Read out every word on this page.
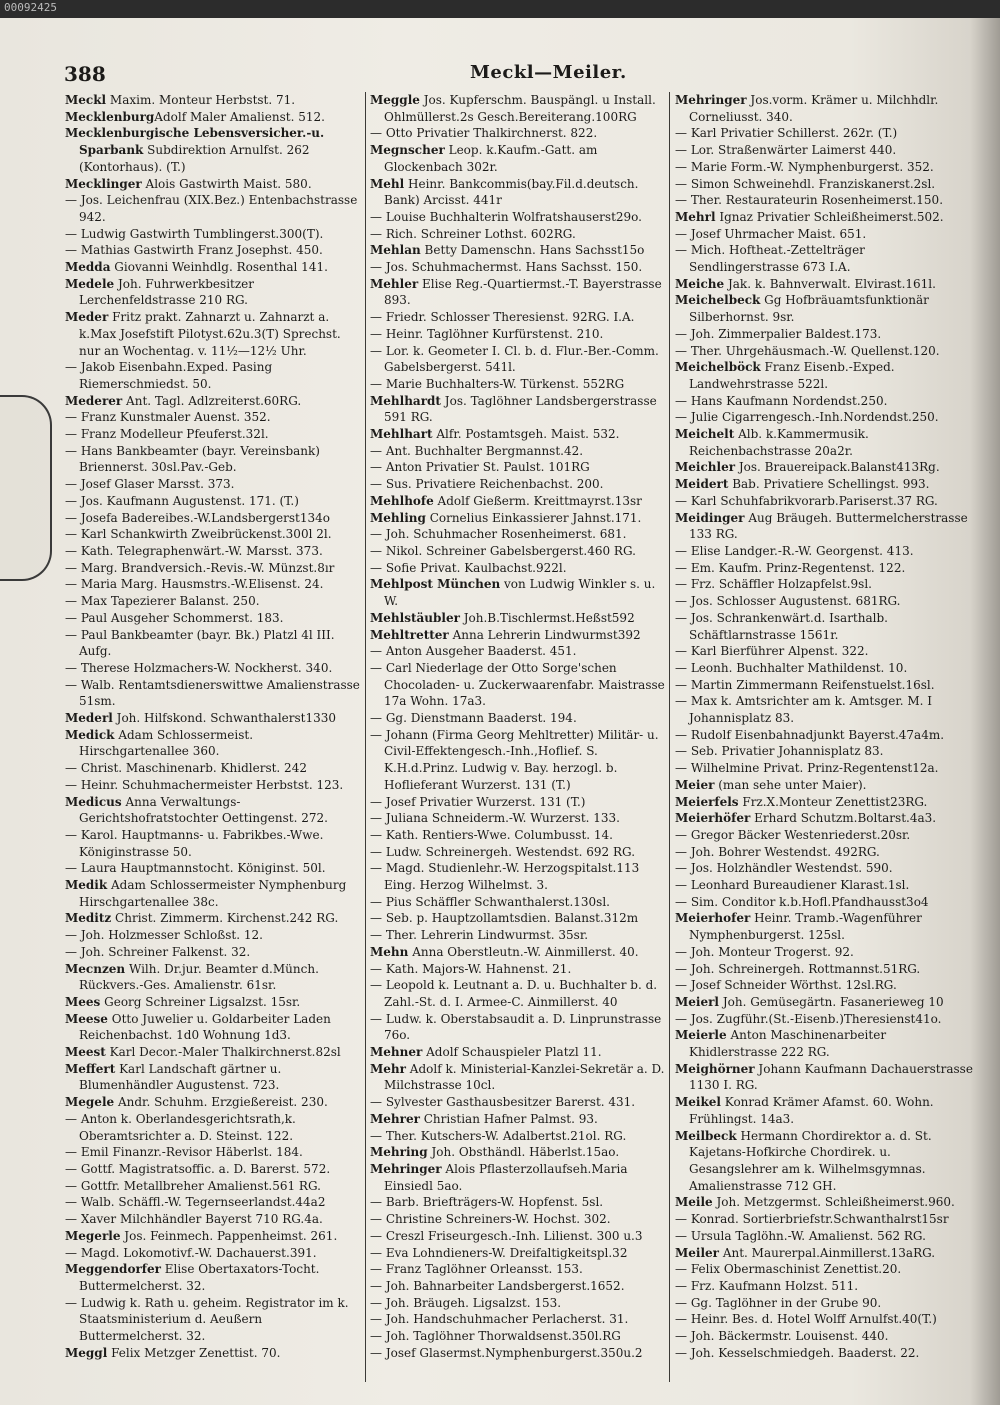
00092425
388	Meckl—Meiler.

Meckl Maxim. Monteur Herbstst. 71.

MecklenburgAdolf Maler Amalienst. 512.

Mecklenburgische Lebensversicher.-u. Sparbank Subdirektion Arnulfst. 262 (Kontorhaus). (T.)

Mecklinger Alois Gastwirth Maist. 580.

— Jos. Leichenfrau (XIX.Bez.) Entenbachstrasse 942.

— Ludwig Gastwirth Tumblingerst.300(T).

— Mathias Gastwirth Franz Josephst. 450.

Medda Giovanni Weinhdlg. Rosenthal 141.

Medele Joh. Fuhrwerkbesitzer Lerchenfeldstrasse 210 RG.

Meder Fritz prakt. Zahnarzt u. Zahnarzt a. k.Max Josefstift Pilotyst.62u.3(T) Sprechst. nur an Wochentag. v. 11½—12½ Uhr.

— Jakob Eisenbahn.Exped. Pasing Riemerschmiedst. 50.

Mederer Ant. Tagl. Adlzreiterst.60RG.

— Franz Kunstmaler Auenst. 352.

— Franz Modelleur Pfeuferst.32l.

— Hans Bankbeamter (bayr. Vereinsbank) Briennerst. 30sl.Pav.-Geb.

— Josef Glaser Marsst. 373.

— Jos. Kaufmann Augustenst. 171. (T.)

— Josefa Badereibes.-W.Landsbergerst134o

— Karl Schankwirth Zweibrückenst.300l 2l.

— Kath. Telegraphenwärt.-W. Marsst. 373.

— Marg. Brandversich.-Revis.-W. Münzst.8ır

— Maria Marg. Hausmstrs.-W.Elisenst. 24.

— Max Tapezierer Balanst. 250.

— Paul Ausgeher Schommerst. 183.

— Paul Bankbeamter (bayr. Bk.) Platzl 4l III. Aufg.

— Therese Holzmachers-W. Nockherst. 340.

— Walb. Rentamtsdienerswittwe Amalienstrasse 51sm.

Mederl Joh. Hilfskond. Schwanthalerst1330

Medick Adam Schlossermeist. Hirschgartenallee 360.

— Christ. Maschinenarb. Khidlerst. 242

— Heinr. Schuhmachermeister Herbstst. 123.

Medicus Anna Verwaltungs-Gerichtshofratstochter Oettingenst. 272.

— Karol. Hauptmanns- u. Fabrikbes.-Wwe. Königinstrasse 50.

— Laura Hauptmannstocht. Königinst. 50l.

Medik Adam Schlossermeister Nymphenburg Hirschgartenallee 38c.

Meditz Christ. Zimmerm. Kirchenst.242 RG.

— Joh. Holzmesser Schloßst. 12.

— Joh. Schreiner Falkenst. 32.

Mecnzen Wilh. Dr.jur. Beamter d.Münch. Rückvers.-Ges. Amalienstr. 61sr.

Mees Georg Schreiner Ligsalzst. 15sr.

Meese Otto Juwelier u. Goldarbeiter Laden Reichenbachst. 1d0 Wohnung 1d3.

Meest Karl Decor.-Maler Thalkirchnerst.82sl

Meffert Karl Landschaft gärtner u. Blumenhändler Augustenst. 723.

Megele Andr. Schuhm. Erzgießereist. 230.

— Anton k. Oberlandesgerichtsrath,k. Oberamtsrichter a. D. Steinst. 122.

— Emil Finanzr.-Revisor Häberlst. 184.

— Gottf. Magistratsoffic. a. D. Barerst. 572.

— Gottfr. Metallbreher Amalienst.561 RG.

— Walb. Schäffl.-W. Tegernseerlandst.44a2

— Xaver Milchhändler Bayerst 710 RG.4a.

Megerle Jos. Feinmech. Pappenheimst. 261.

— Magd. Lokomotivf.-W. Dachauerst.391.

Meggendorfer Elise Obertaxators-Tocht. Buttermelcherst. 32.

— Ludwig k. Rath u. geheim. Registrator im k. Staatsministerium d. Aeußern Buttermelcherst. 32.

Meggl Felix Metzger Zenettist. 70.

Meggle Jos. Kupferschm. Bauspängl. u Install. Ohlmüllerst.2s Gesch.Bereiterang.100RG

— Otto Privatier Thalkirchnerst. 822.

Megnscher Leop. k.Kaufm.-Gatt. am Glockenbach 302r.

Mehl Heinr. Bankcommis(bay.Fil.d.deutsch. Bank) Arcisst. 441r

— Louise Buchhalterin Wolfratshauserst29o.

— Rich. Schreiner Lothst. 602RG.

Mehlan Betty Damenschn. Hans Sachsst15o

— Jos. Schuhmachermst. Hans Sachsst. 150.

Mehler Elise Reg.-Quartiermst.-T. Bayerstrasse 893.

— Friedr. Schlosser Theresienst. 92RG. I.A.

— Heinr. Taglöhner Kurfürstenst. 210.

— Lor. k. Geometer I. Cl. b. d. Flur.-Ber.-Comm. Gabelsbergerst. 541l.

— Marie Buchhalters-W. Türkenst. 552RG

Mehlhardt Jos. Taglöhner Landsbergerstrasse 591 RG.

Mehlhart Alfr. Postamtsgeh. Maist. 532.

— Ant. Buchhalter Bergmannst.42.

— Anton Privatier St. Paulst. 101RG

— Sus. Privatiere Reichenbachst. 200.

Mehlhofe Adolf Gießerm. Kreittmayrst.13sr

Mehling Cornelius Einkassierer Jahnst.171.

— Joh. Schuhmacher Rosenheimerst. 681.

— Nikol. Schreiner Gabelsbergerst.460 RG.

— Sofie Privat. Kaulbachst.922l.

Mehlpost München von Ludwig Winkler s. u. W.

Mehlstäubler Joh.B.Tischlermst.Heßst592

Mehltretter Anna Lehrerin Lindwurmst392

— Anton Ausgeher Baaderst. 451.

— Carl Niederlage der Otto Sorge'schen Chocoladen- u. Zuckerwaarenfabr. Maistrasse 17a Wohn. 17a3.

— Gg. Dienstmann Baaderst. 194.

— Johann (Firma Georg Mehltretter) Militär- u. Civil-Effektengesch.-Inh.,Hoflief. S. K.H.d.Prinz. Ludwig v. Bay. herzogl. b. Hoflieferant Wurzerst. 131 (T.)

— Josef Privatier Wurzerst. 131 (T.)

— Juliana Schneiderm.-W. Wurzerst. 133.

— Kath. Rentiers-Wwe. Columbusst. 14.

— Ludw. Schreinergeh. Westendst. 692 RG.

— Magd. Studienlehr.-W. Herzogspitalst.113 Eing. Herzog Wilhelmst. 3.

— Pius Schäffler Schwanthalerst.130sl.

— Seb. p. Hauptzollamtsdien. Balanst.312m

— Ther. Lehrerin Lindwurmst. 35sr.

Mehn Anna Oberstleutn.-W. Ainmillerst. 40.

— Kath. Majors-W. Hahnenst. 21.

— Leopold k. Leutnant a. D. u. Buchhalter b. d. Zahl.-St. d. I. Armee-C. Ainmillerst. 40

— Ludw. k. Oberstabsaudit a. D. Linprunstrasse 76o.

Mehner Adolf Schauspieler Platzl 11.

Mehr Adolf k. Ministerial-Kanzlei-Sekretär a. D. Milchstrasse 10cl.

— Sylvester Gasthausbesitzer Barerst. 431.

Mehrer Christian Hafner Palmst. 93.

— Ther. Kutschers-W. Adalbertst.21ol. RG.

Mehring Joh. Obsthändl. Häberlst.15ao.

Mehringer Alois Pflasterzollaufseh.Maria Einsiedl 5ao.

— Barb. Briefträgers-W. Hopfenst. 5sl.

— Christine Schreiners-W. Hochst. 302.

— Creszl Friseurgesch.-Inh. Lilienst. 300 u.3

— Eva Lohndieners-W. Dreifaltigkeitspl.32

— Franz Taglöhner Orleansst. 153.

— Joh. Bahnarbeiter Landsbergerst.1652.

— Joh. Bräugeh. Ligsalzst. 153.

— Joh. Handschuhmacher Perlacherst. 31.

— Joh. Taglöhner Thorwaldsenst.350l.RG

— Josef Glasermst.Nymphenburgerst.350u.2

Mehringer Jos.vorm. Krämer u. Milchhdlr. Corneliusst. 340.

— Karl Privatier Schillerst. 262r. (T.)

— Lor. Straßenwärter Laimerst 440.

— Marie Form.-W. Nymphenburgerst. 352.

— Simon Schweinehdl. Franziskanerst.2sl.

— Ther. Restaurateurin Rosenheimerst.150.

Mehrl Ignaz Privatier Schleißheimerst.502.

— Josef Uhrmacher Maist. 651.

— Mich. Hoftheat.-Zettelträger Sendlingerstrasse 673 I.A.

Meiche Jak. k. Bahnverwalt. Elvirast.161l.

Meichelbeck Gg Hofbräuamtsfunktionär Silberhornst. 9sr.

— Joh. Zimmerpalier Baldest.173.

— Ther. Uhrgehäusmach.-W. Quellenst.120.

Meichelböck Franz Eisenb.-Exped. Landwehrstrasse 522l.

— Hans Kaufmann Nordendst.250.

— Julie Cigarrengesch.-Inh.Nordendst.250.

Meichelt Alb. k.Kammermusik. Reichenbachstrasse 20a2r.

Meichler Jos. Brauereipack.Balanst413Rg.

Meidert Bab. Privatiere Schellingst. 993.

— Karl Schuhfabrikvorarb.Pariserst.37 RG.

Meidinger Aug Bräugeh. Buttermelcherstrasse 133 RG.

— Elise Landger.-R.-W. Georgenst. 413.

— Em. Kaufm. Prinz-Regentenst. 122.

— Frz. Schäffler Holzapfelst.9sl.

— Jos. Schlosser Augustenst. 681RG.

— Jos. Schrankenwärt.d. Isarthalb. Schäftlarnstrasse 1561r.

— Karl Bierführer Alpenst. 322.

— Leonh. Buchhalter Mathildenst. 10.

— Martin Zimmermann Reifenstuelst.16sl.

— Max k. Amtsrichter am k. Amtsger. M. I Johannisplatz 83.

— Rudolf Eisenbahnadjunkt Bayerst.47a4m.

— Seb. Privatier Johannisplatz 83.

— Wilhelmine Privat. Prinz-Regentenst12a.

Meier (man sehe unter Maier).

Meierfels Frz.X.Monteur Zenettist23RG.

Meierhöfer Erhard Schutzm.Boltarst.4a3.

— Gregor Bäcker Westenriederst.20sr.

— Joh. Bohrer Westendst. 492RG.

— Jos. Holzhändler Westendst. 590.

— Leonhard Bureaudiener Klarast.1sl.

— Sim. Conditor k.b.Hofl.Pfandhausst3o4

Meierhofer Heinr. Tramb.-Wagenführer Nymphenburgerst. 125sl.

— Joh. Monteur Trogerst. 92.

— Joh. Schreinergeh. Rottmannst.51RG.

— Josef Schneider Wörthst. 12sl.RG.

Meierl Joh. Gemüsegärtn. Fasanerieweg 10

— Jos. Zugführ.(St.-Eisenb.)Theresienst41o.

Meierle Anton Maschinenarbeiter Khidlerstrasse 222 RG.

Meighörner Johann Kaufmann Dachauerstrasse 1130 I. RG.

Meikel Konrad Krämer Afamst. 60. Wohn. Frühlingst. 14a3.

Meilbeck Hermann Chordirektor a. d. St. Kajetans-Hofkirche Chordirek. u. Gesangslehrer am k. Wilhelmsgymnas. Amalienstrasse 712 GH.

Meile Joh. Metzgermst. Schleißheimerst.960.

— Konrad. Sortierbriefstr.Schwanthalrst15sr

— Ursula Taglöhn.-W. Amalienst. 562 RG.

Meiler Ant. Maurerpal.Ainmillerst.13aRG.

— Felix Obermaschinist Zenettist.20.

— Frz. Kaufmann Holzst. 511.

— Gg. Taglöhner in der Grube 90.

— Heinr. Bes. d. Hotel Wolff Arnulfst.40(T.)

— Joh. Bäckermstr. Louisenst. 440.

— Joh. Kesselschmiedgeh. Baaderst. 22.
